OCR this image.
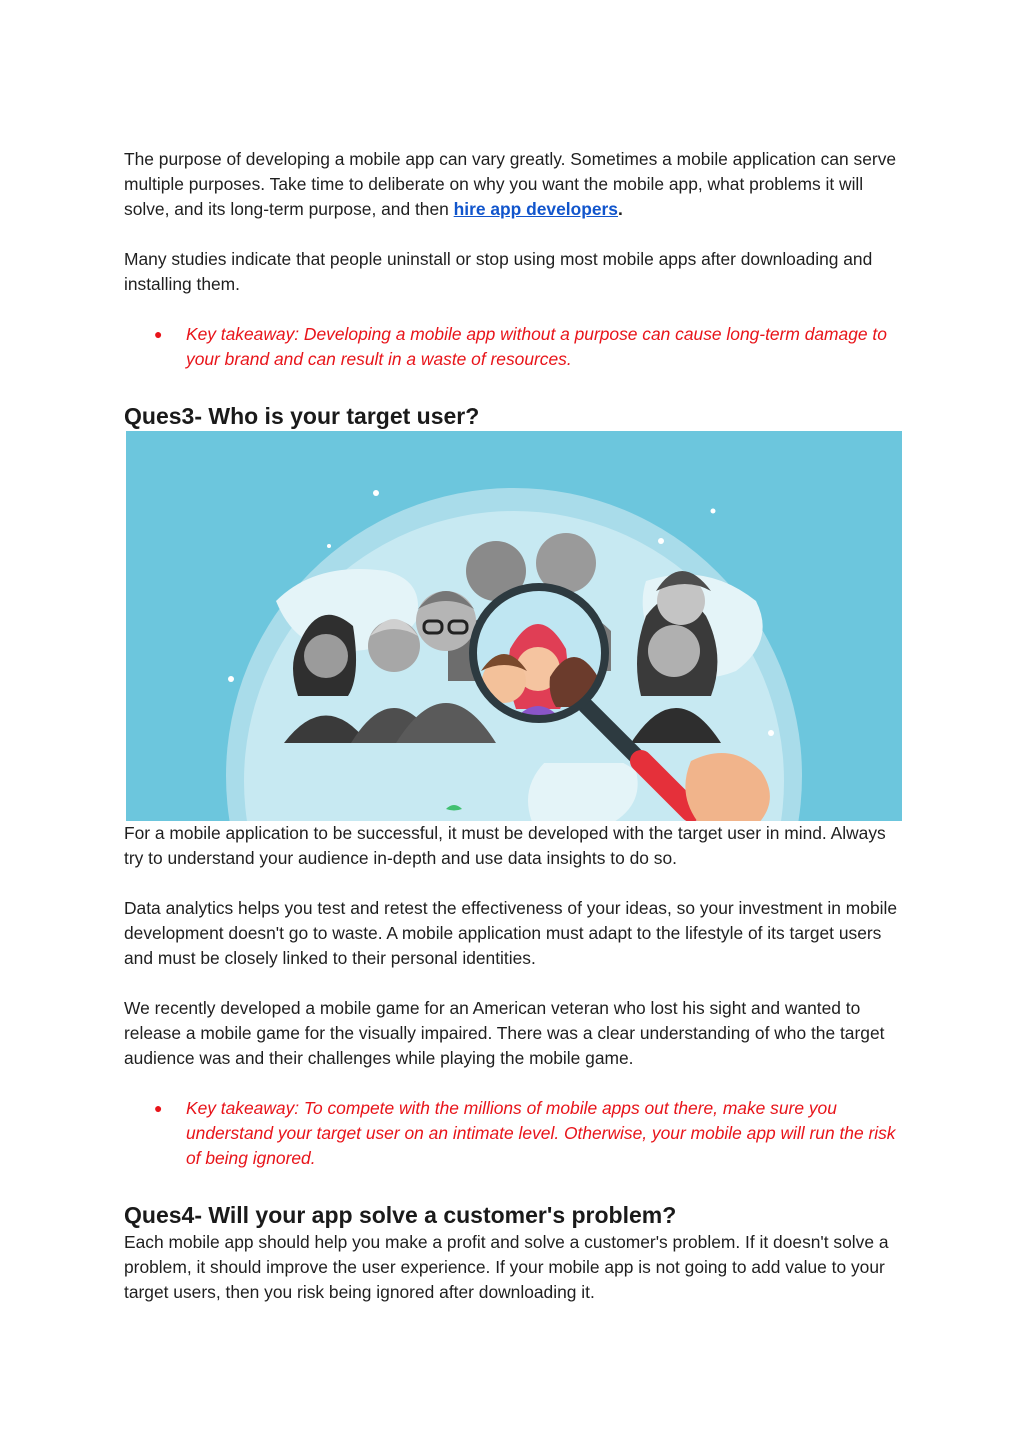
The purpose of developing a mobile app can vary greatly. Sometimes a mobile application can serve multiple purposes. Take time to deliberate on why you want the mobile app, what problems it will solve, and its long-term purpose, and then hire app developers.

Many studies indicate that people uninstall or stop using most mobile apps after downloading and installing them.

● Key takeaway: Developing a mobile app without a purpose can cause long-term damage to your brand and can result in a waste of resources.

Ques3- Who is your target user?

For a mobile application to be successful, it must be developed with the target user in mind. Always try to understand your audience in-depth and use data insights to do so.

Data analytics helps you test and retest the effectiveness of your ideas, so your investment in mobile development doesn't go to waste. A mobile application must adapt to the lifestyle of its target users and must be closely linked to their personal identities.

We recently developed a mobile game for an American veteran who lost his sight and wanted to release a mobile game for the visually impaired. There was a clear understanding of who the target audience was and their challenges while playing the mobile game.

● Key takeaway: To compete with the millions of mobile apps out there, make sure you understand your target user on an intimate level. Otherwise, your mobile app will run the risk of being ignored.

Ques4- Will your app solve a customer's problem?

Each mobile app should help you make a profit and solve a customer's problem. If it doesn't solve a problem, it should improve the user experience. If your mobile app is not going to add value to your target users, then you risk being ignored after downloading it.
